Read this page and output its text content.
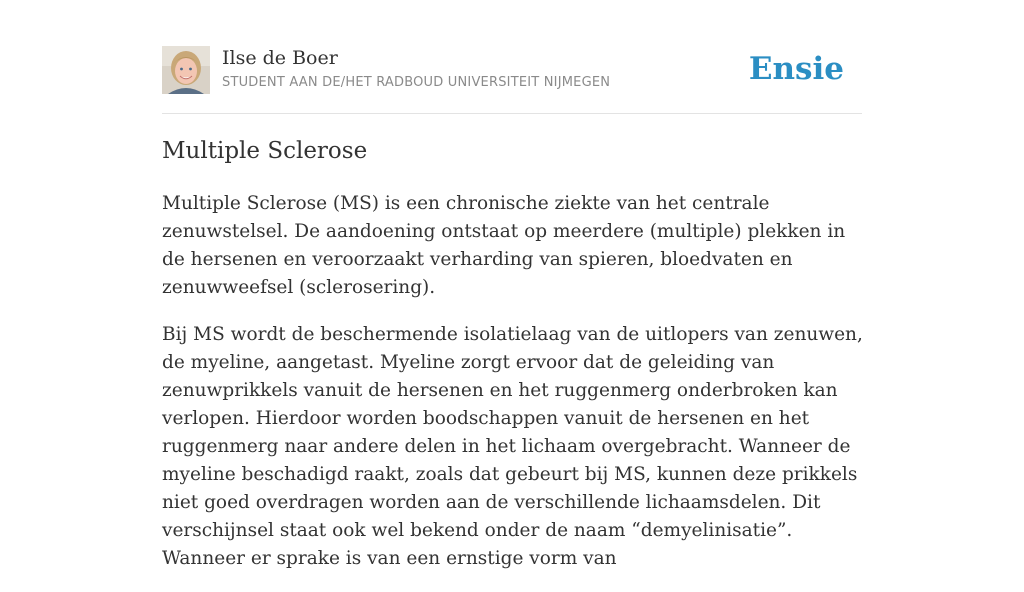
Ilse de Boer
STUDENT AAN DE/HET RADBOUD UNIVERSITEIT NIJMEGEN	Ensie
Multiple Sclerose

Multiple Sclerose (MS) is een chronische ziekte van het centrale zenuwstelsel. De aandoening ontstaat op meerdere (multiple) plekken in de hersenen en veroorzaakt verharding van spieren, bloedvaten en zenuwweefsel (sclerosering).

Bij MS wordt de beschermende isolatielaag van de uitlopers van zenuwen, de myeline, aangetast. Myeline zorgt ervoor dat de geleiding van zenuwprikkels vanuit de hersenen en het ruggenmerg onderbroken kan verlopen. Hierdoor worden boodschappen vanuit de hersenen en het ruggenmerg naar andere delen in het lichaam overgebracht. Wanneer de myeline beschadigd raakt, zoals dat gebeurt bij MS, kunnen deze prikkels niet goed overdragen worden aan de verschillende lichaamsdelen. Dit verschijnsel staat ook wel bekend onder de naam “demyelinisatie”. Wanneer er sprake is van een ernstige vorm van
